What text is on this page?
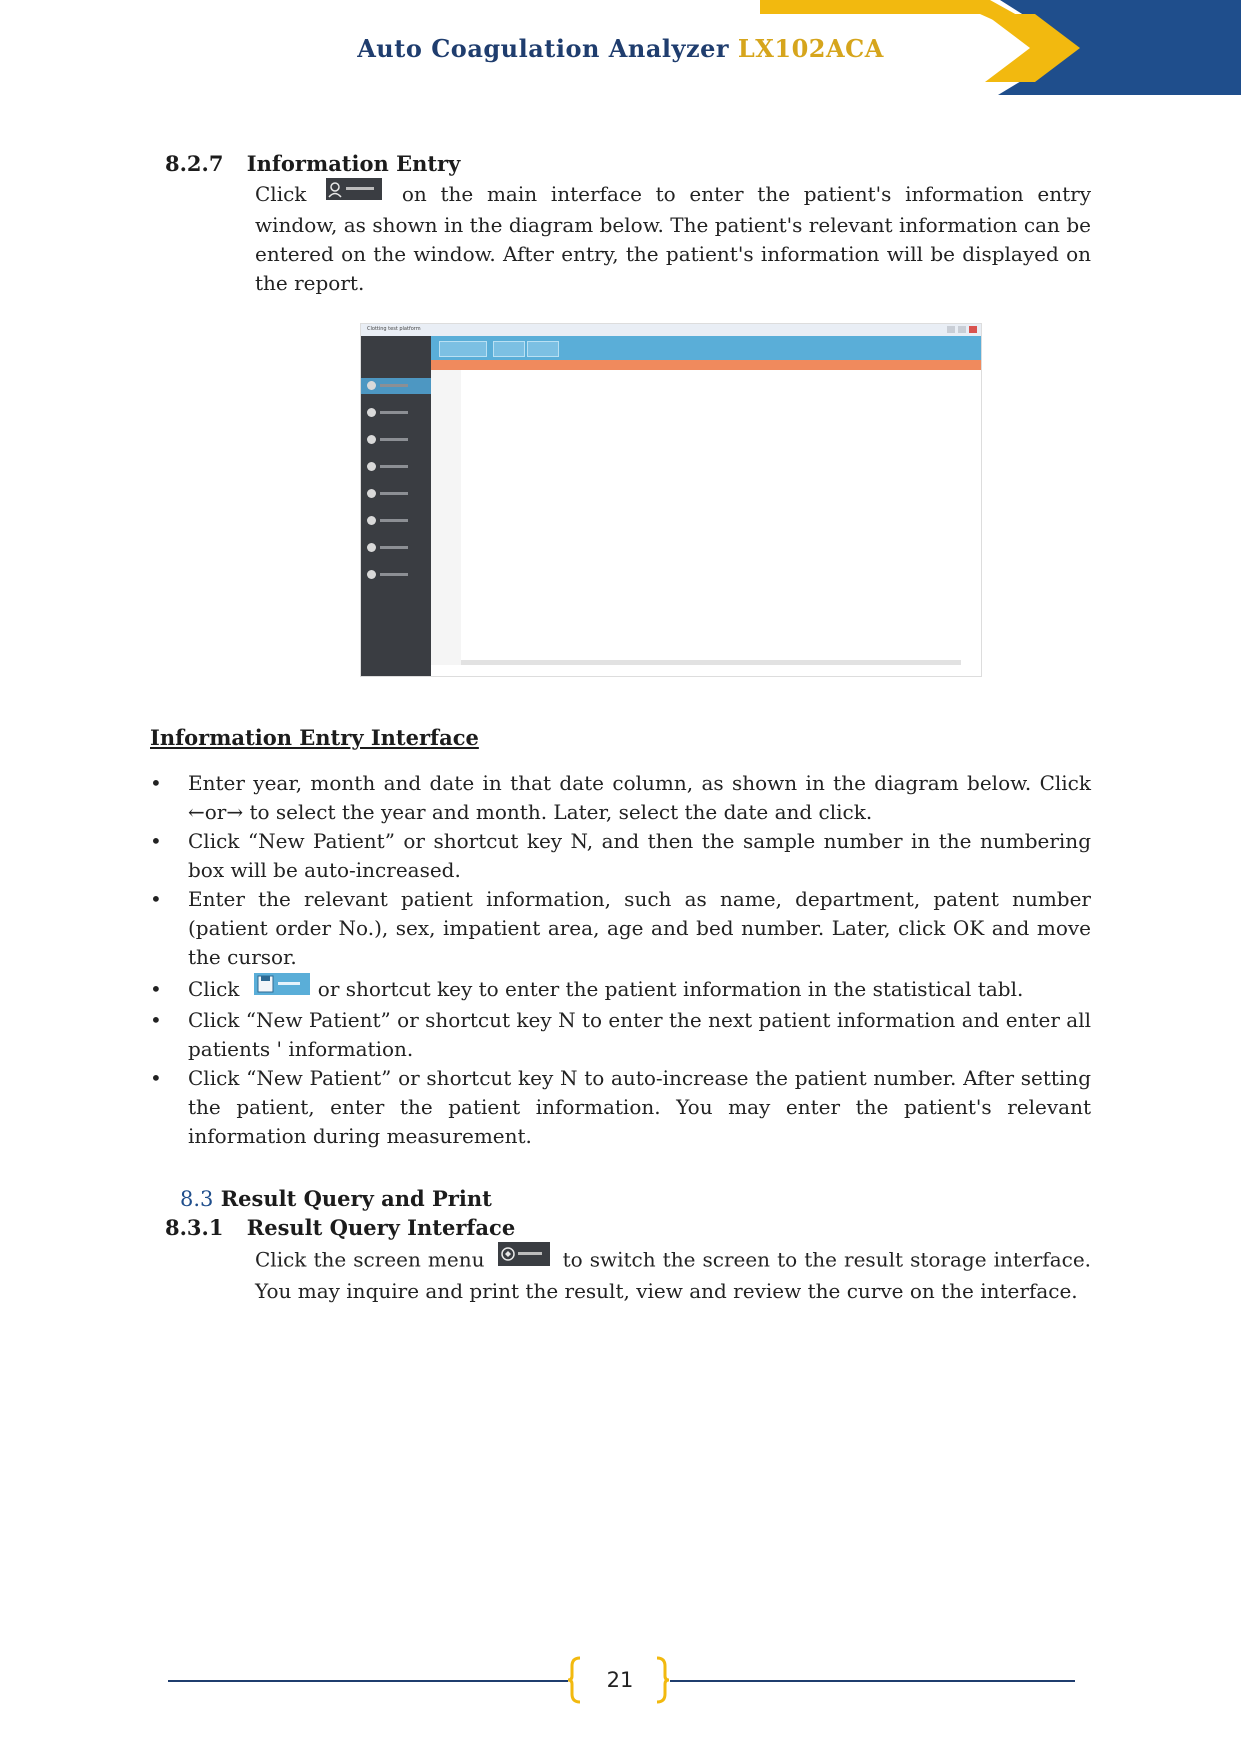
Auto Coagulation Analyzer LX102ACA
8.2.7 Information Entry
Click	on the main interface to enter the patient's information entry window, as shown in the diagram below. The patient's relevant information can be entered on the window. After entry, the patient's information will be displayed on the report.
Clotting test platform
Information Entry Interface
• Enter year, month and date in that date column, as shown in the diagram below. Click ←or→ to select the year and month. Later, select the date and click.
• Click “New Patient” or shortcut key N, and then the sample number in the numbering box will be auto-increased.
• Enter the relevant patient information, such as name, department, patent number (patient order No.), sex, impatient area, age and bed number. Later, click OK and move the cursor.
• Click	or shortcut key to enter the patient information in the statistical tabl.
• Click “New Patient” or shortcut key N to enter the next patient information and enter all patients ' information.
• Click “New Patient” or shortcut key N to auto-increase the patient number. After setting the patient, enter the patient information. You may enter the patient's relevant information during measurement.
8.3 Result Query and Print
8.3.1 Result Query Interface
Click the screen menu	to switch the screen to the result storage interface. You may inquire and print the result, view and review the curve on the interface.
21
